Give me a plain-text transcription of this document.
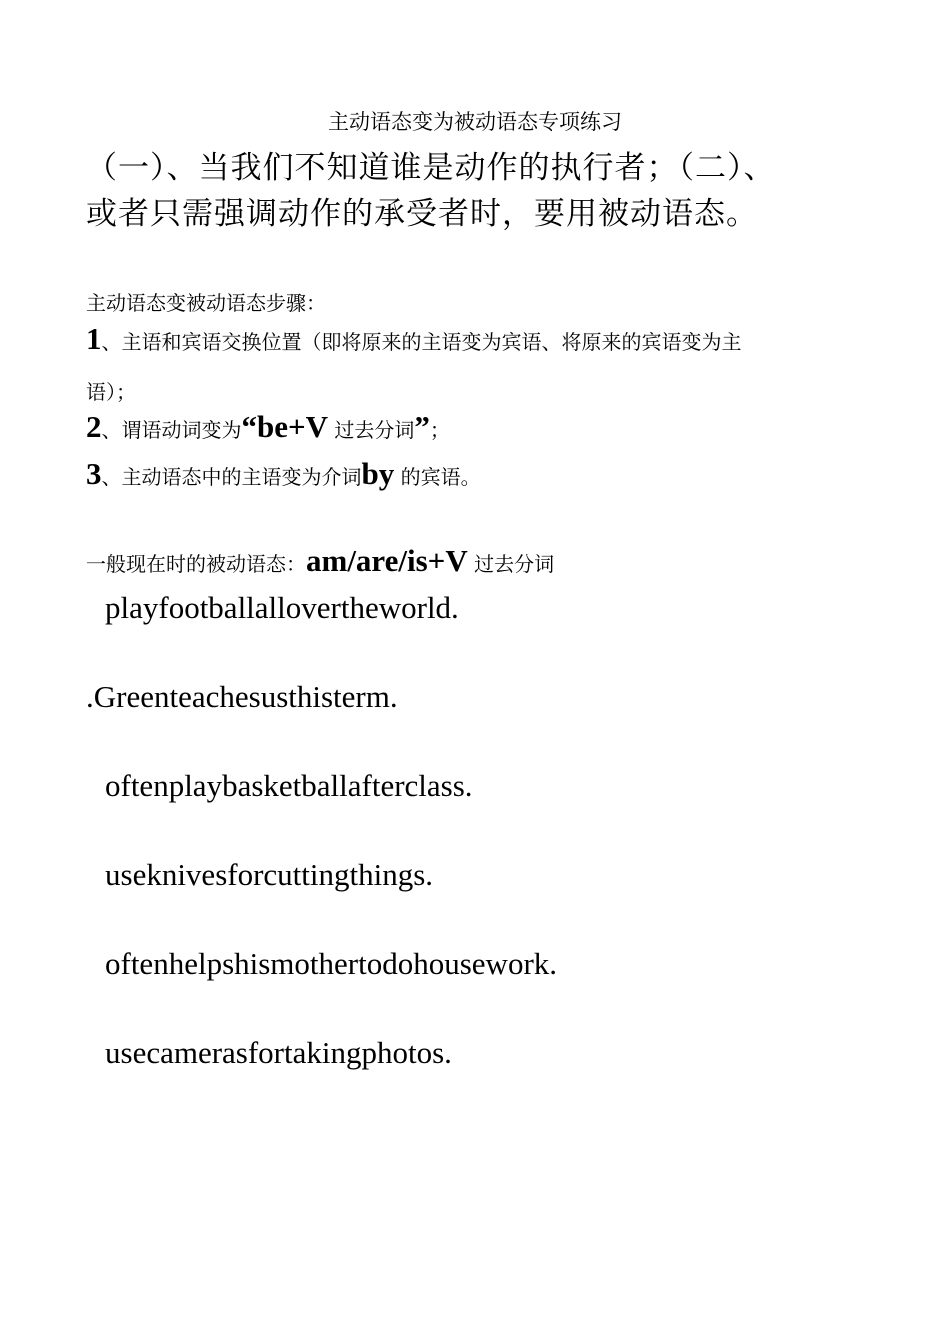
主动语态变为被动语态专项练习
（一）、当我们不知道谁是动作的执行者；（二）、
或者只需强调动作的承受者时，要用被动语态。
主动语态变被动语态步骤：
1、主语和宾语交换位置（即将原来的主语变为宾语、将原来的宾语变为主
语）；
2、谓语动词变为“be+V 过去分词”；
3、主动语态中的主语变为介词by 的宾语。
一般现在时的被动语态：am/are/is+V 过去分词
playfootballallovertheworld.
.Greenteachesusthisterm.
oftenplaybasketballafterclass.
useknivesforcuttingthings.
oftenhelpshismothertodohousework.
usecamerasfortakingphotos.
